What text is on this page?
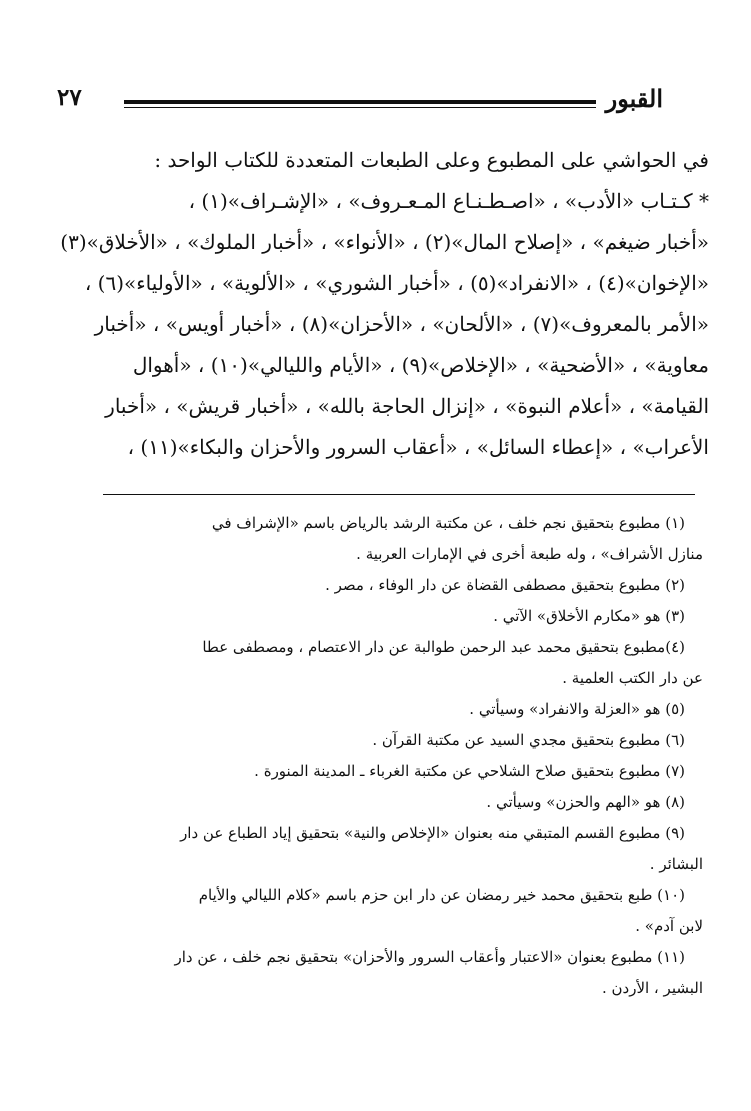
القبور
٢٧
في الحواشي على المطبوع وعلى الطبعات المتعددة للكتاب الواحد :
* كـتـاب «الأدب» ، «اصـطـنـاع المـعـروف» ، «الإشـراف»(١) ،
«أخبار ضيغم» ، «إصلاح المال»(٢) ، «الأنواء» ، «أخبار الملوك» ، «الأخلاق»(٣)
«الإخوان»(٤) ، «الانفراد»(٥) ، «أخبار الشوري» ، «الألوية» ، «الأولياء»(٦) ،
«الأمر بالمعروف»(٧) ، «الألحان» ، «الأحزان»(٨) ، «أخبار أويس» ، «أخبار
معاوية» ، «الأضحية» ، «الإخلاص»(٩) ، «الأيام والليالي»(١٠) ، «أهوال
القيامة» ، «أعلام النبوة» ، «إنزال الحاجة بالله» ، «أخبار قريش» ، «أخبار
الأعراب» ، «إعطاء السائل» ، «أعقاب السرور والأحزان والبكاء»(١١) ،
(١) مطبوع بتحقيق نجم خلف ، عن مكتبة الرشد بالرياض باسم «الإشراف في
منازل الأشراف» ، وله طبعة أخرى في الإمارات العربية .
(٢) مطبوع بتحقيق مصطفى القضاة عن دار الوفاء ، مصر .
(٣) هو «مكارم الأخلاق» الآتي .
(٤)مطبوع بتحقيق محمد عبد الرحمن طوالبة عن دار الاعتصام ، ومصطفى عطا
عن دار الكتب العلمية .
(٥) هو «العزلة والانفراد» وسيأتي .
(٦) مطبوع بتحقيق مجدي السيد عن مكتبة القرآن .
(٧) مطبوع بتحقيق صلاح الشلاحي عن مكتبة الغرباء ـ المدينة المنورة .
(٨) هو «الهم والحزن» وسيأتي .
(٩) مطبوع القسم المتبقي منه بعنوان «الإخلاص والنية» بتحقيق إياد الطباع عن دار
البشائر .
(١٠) طبع بتحقيق محمد خير رمضان عن دار ابن حزم باسم «كلام الليالي والأيام
لابن آدم» .
(١١) مطبوع بعنوان «الاعتبار وأعقاب السرور والأحزان» بتحقيق نجم خلف ، عن دار
البشير ، الأردن .
